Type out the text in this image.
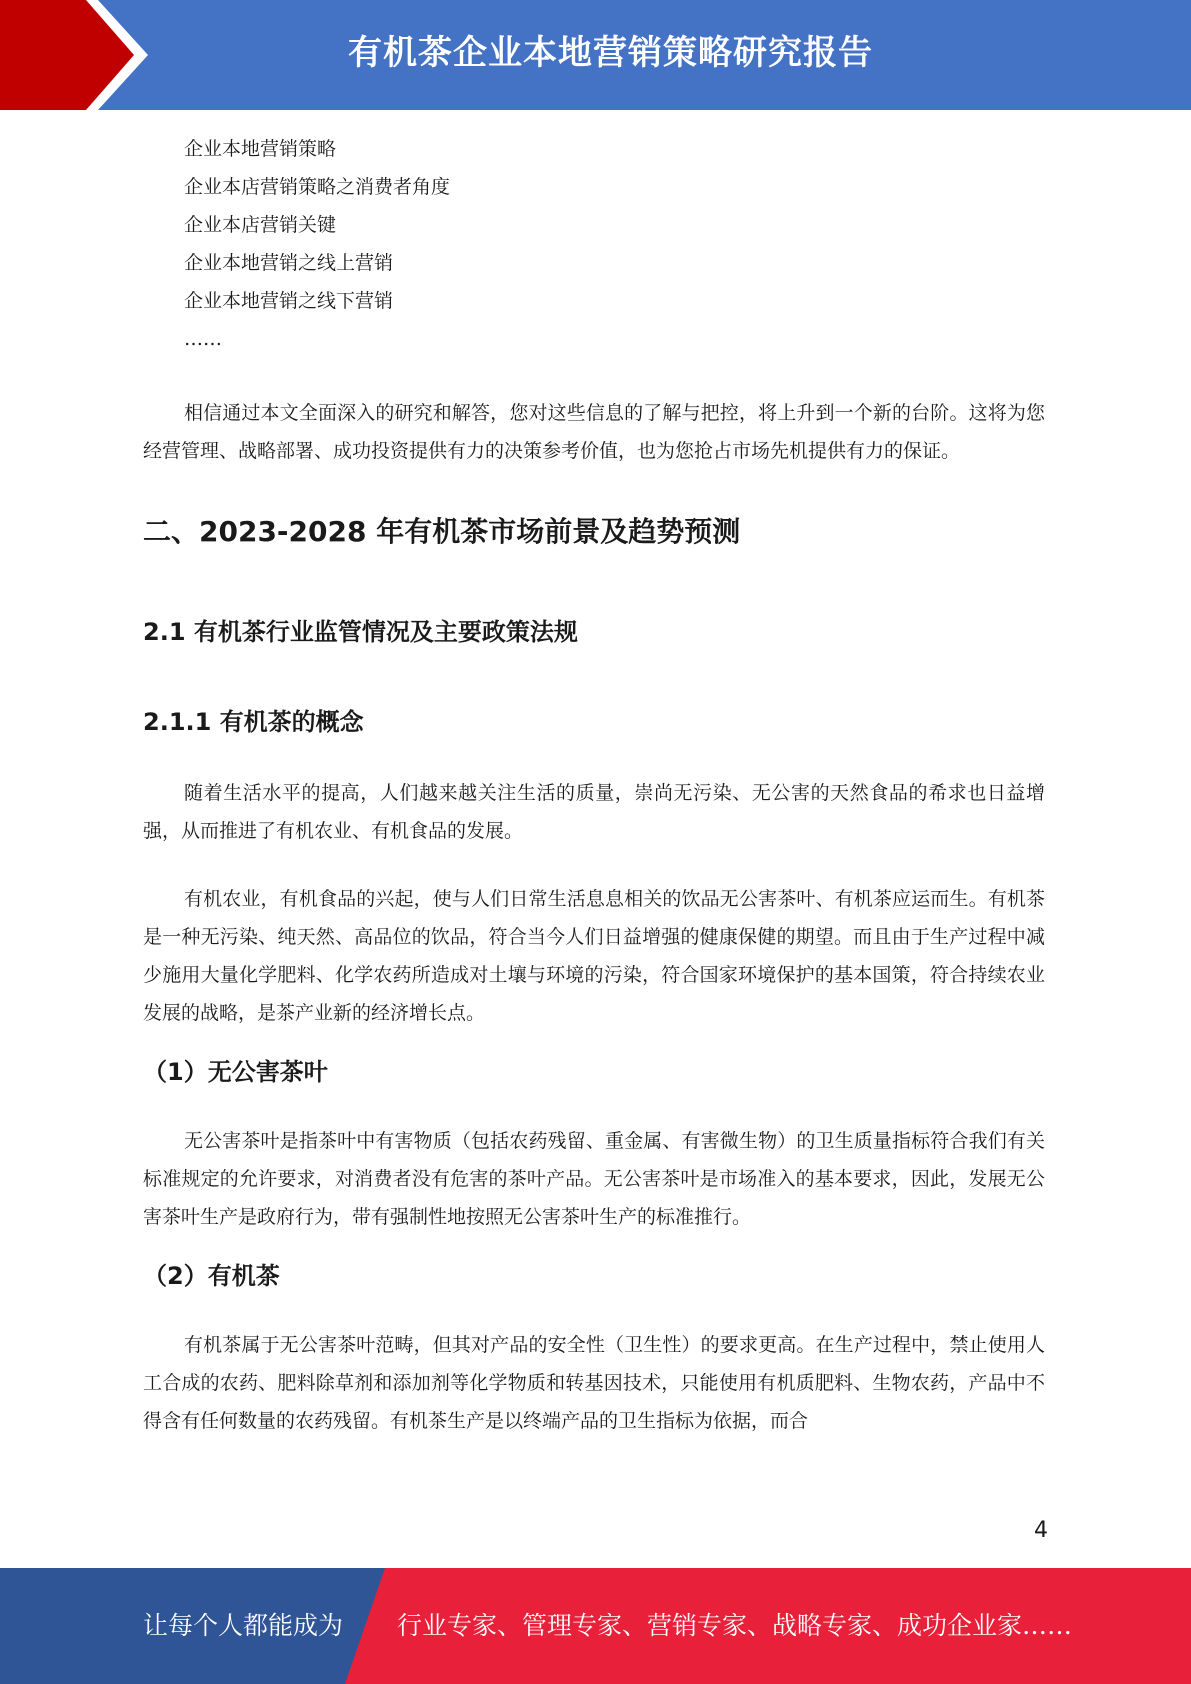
有机茶企业本地营销策略研究报告
企业本地营销策略
企业本店营销策略之消费者角度
企业本店营销关键
企业本地营销之线上营销
企业本地营销之线下营销
……

相信通过本文全面深入的研究和解答，您对这些信息的了解与把控，将上升到一个新的台阶。这将为您经营管理、战略部署、成功投资提供有力的决策参考价值，也为您抢占市场先机提供有力的保证。

二、2023-2028 年有机茶市场前景及趋势预测
2.1 有机茶行业监管情况及主要政策法规
2.1.1 有机茶的概念

随着生活水平的提高，人们越来越关注生活的质量，崇尚无污染、无公害的天然食品的希求也日益增强，从而推进了有机农业、有机食品的发展。

有机农业，有机食品的兴起，使与人们日常生活息息相关的饮品无公害茶叶、有机茶应运而生。有机茶是一种无污染、纯天然、高品位的饮品，符合当今人们日益增强的健康保健的期望。而且由于生产过程中减少施用大量化学肥料、化学农药所造成对土壤与环境的污染，符合国家环境保护的基本国策，符合持续农业发展的战略，是茶产业新的经济增长点。

（1）无公害茶叶

无公害茶叶是指茶叶中有害物质（包括农药残留、重金属、有害微生物）的卫生质量指标符合我们有关标准规定的允许要求，对消费者没有危害的茶叶产品。无公害茶叶是市场准入的基本要求，因此，发展无公害茶叶生产是政府行为，带有强制性地按照无公害茶叶生产的标准推行。

（2）有机茶

有机茶属于无公害茶叶范畴，但其对产品的安全性（卫生性）的要求更高。在生产过程中，禁止使用人工合成的农药、肥料除草剂和添加剂等化学物质和转基因技术，只能使用有机质肥料、生物农药，产品中不得含有任何数量的农药残留。有机茶生产是以终端产品的卫生指标为依据，而合

4
让每个人都能成为 行业专家、管理专家、营销专家、战略专家、成功企业家……
